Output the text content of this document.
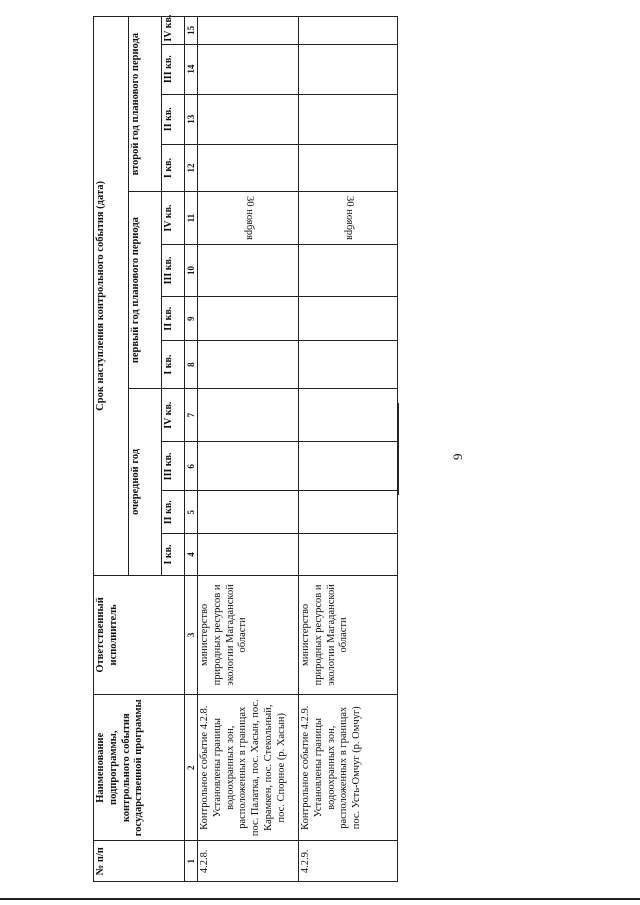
№ п/п	Наименование подпрограммы, контрольного события государственной программы	Ответственный исполнитель	Срок наступления контрольного события (дата)											
			очередной год				первый год планового периода				второй год планового периода			
			I кв.	II кв.	III кв.	IV кв.	I кв.	II кв.	III кв.	IV кв.	I кв.	II кв.	III кв.	IV кв.
1	2	3	4	5	6	7	8	9	10	11	12	13	14	15
4.2.8.	Контрольное событие 4.2.8. Установлены границы водоохранных зон, расположенных в границах пос. Палатка, пос. Хасын, пос. Карамкен, пос. Стекольный, пос. Спорное (р. Хасын)	министерство природных ресурсов и экологии Магаданской области								30 ноября				
4.2.9.	Контрольное событие 4.2.9. Установлены границы водоохранных зон, расположенных в границах пос. Усть-Омчуг (р. Омчуг)	министерство природных ресурсов и экологии Магаданской области								30 ноября				
9
